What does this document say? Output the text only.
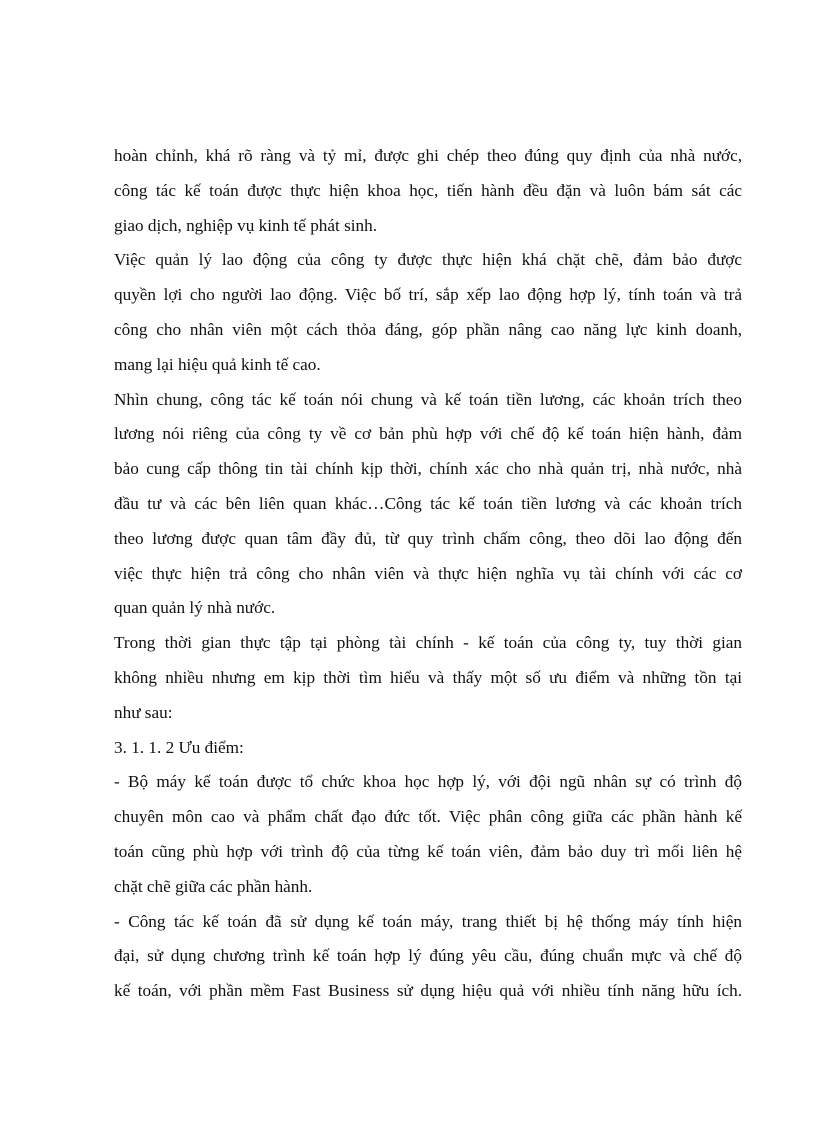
hoàn chỉnh, khá rõ ràng và tỷ mỉ, được ghi chép theo đúng quy định của nhà nước,
công tác kế toán được thực hiện khoa học, tiến hành đều đặn và luôn bám sát các
giao dịch, nghiệp vụ kinh tế phát sinh.
Việc quản lý lao động của công ty được thực hiện khá chặt chẽ, đảm bảo được
quyền lợi cho người lao động. Việc bố trí, sắp xếp lao động hợp lý, tính toán và trả
công cho nhân viên một cách thỏa đáng, góp phần nâng cao năng lực kinh doanh,
mang lại hiệu quả kinh tế cao.
Nhìn chung, công tác kế toán nói chung và kế toán tiền lương, các khoản trích theo
lương nói riêng của công ty về cơ bản phù hợp với chế độ kế toán hiện hành, đảm
bảo cung cấp thông tin tài chính kịp thời, chính xác cho nhà quản trị, nhà nước, nhà
đầu tư và các bên liên quan khác…Công tác kế toán tiền lương và các khoản trích
theo lương được quan tâm đầy đủ, từ quy trình chấm công, theo dõi lao động đến
việc thực hiện trả công cho nhân viên và thực hiện nghĩa vụ tài chính với các cơ
quan quản lý nhà nước.
Trong thời gian thực tập tại phòng tài chính - kế toán của công ty, tuy thời gian
không nhiều nhưng em kịp thời tìm hiểu và thấy một số ưu điểm và những tồn tại
như sau:
3. 1. 1. 2 Ưu điểm:
- Bộ máy kế toán được tổ chức khoa học hợp lý, với đội ngũ nhân sự có trình độ
chuyên môn cao và phẩm chất đạo đức tốt. Việc phân công giữa các phần hành kế
toán cũng phù hợp với trình độ của từng kế toán viên, đảm bảo duy trì mối liên hệ
chặt chẽ giữa các phần hành.
- Công tác kế toán đã sử dụng kế toán máy, trang thiết bị hệ thống máy tính hiện
đại, sử dụng chương trình kế toán hợp lý đúng yêu cầu, đúng chuẩn mực và chế độ
kế toán, với phần mềm Fast Business sử dụng hiệu quả với nhiều tính năng hữu ích.
